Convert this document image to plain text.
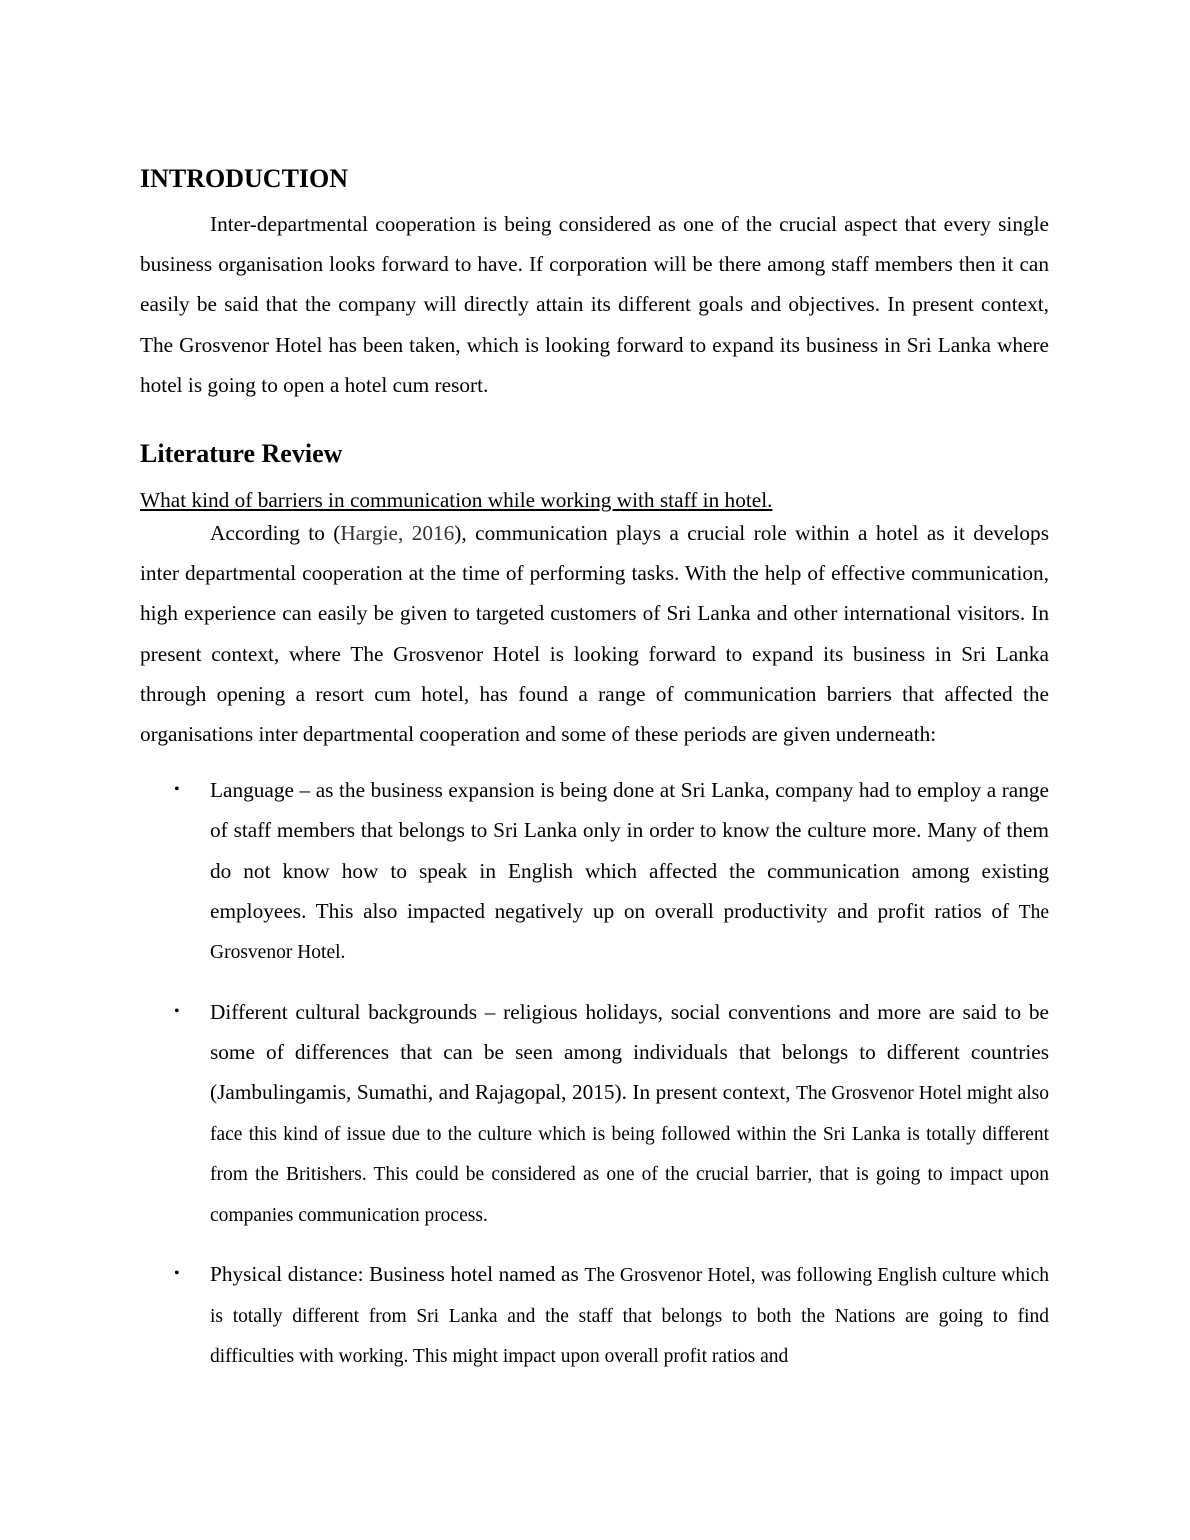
INTRODUCTION

Inter-departmental cooperation is being considered as one of the crucial aspect that every single business organisation looks forward to have. If corporation will be there among staff members then it can easily be said that the company will directly attain its different goals and objectives. In present context, The Grosvenor Hotel has been taken, which is looking forward to expand its business in Sri Lanka where hotel is going to open a hotel cum resort.

Literature Review

What kind of barriers in communication while working with staff in hotel.

According to (Hargie, 2016), communication plays a crucial role within a hotel as it develops inter departmental cooperation at the time of performing tasks. With the help of effective communication, high experience can easily be given to targeted customers of Sri Lanka and other international visitors. In present context, where The Grosvenor Hotel is looking forward to expand its business in Sri Lanka through opening a resort cum hotel, has found a range of communication barriers that affected the organisations inter departmental cooperation and some of these periods are given underneath:

• Language – as the business expansion is being done at Sri Lanka, company had to employ a range of staff members that belongs to Sri Lanka only in order to know the culture more. Many of them do not know how to speak in English which affected the communication among existing employees. This also impacted negatively up on overall productivity and profit ratios of The Grosvenor Hotel.

• Different cultural backgrounds – religious holidays, social conventions and more are said to be some of differences that can be seen among individuals that belongs to different countries (Jambulingamis, Sumathi, and Rajagopal, 2015). In present context, The Grosvenor Hotel might also face this kind of issue due to the culture which is being followed within the Sri Lanka is totally different from the Britishers. This could be considered as one of the crucial barrier, that is going to impact upon companies communication process.

• Physical distance: Business hotel named as The Grosvenor Hotel, was following English culture which is totally different from Sri Lanka and the staff that belongs to both the Nations are going to find difficulties with working. This might impact upon overall profit ratios and
